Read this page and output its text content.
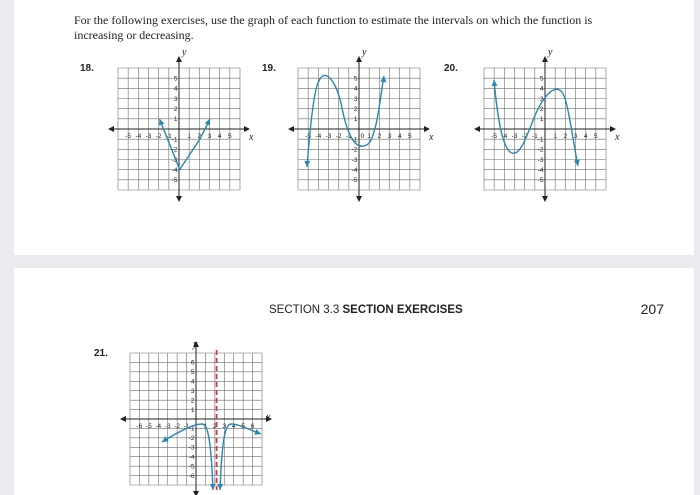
For the following exercises, use the graph of each function to estimate the intervals on which the function is increasing or decreasing.
18.
-5 -4 -3 -2 -1 1 2 3 4 5
5
4
3
2
1
-1
-2
-3
-4
-5
x
y
19.
-5 -4 -3 -2 -1 0 1 2 3 4 5
5
4
3
2
1
-1
-2
-3
-4
-5
x
y
20.
-5 -4 -3 -2 -1 1 2 3 4 5
5
4
3
2
1
-1
-2
-3
-4
-5
x
y
SECTION 3.3 SECTION EXERCISES	207
21.
-6 -5 -4 -3 -2 -1 1 2 3 4 5 6
6
5
4
3
2
1
-1
-2
-3
-4
-5
-6
x
y
